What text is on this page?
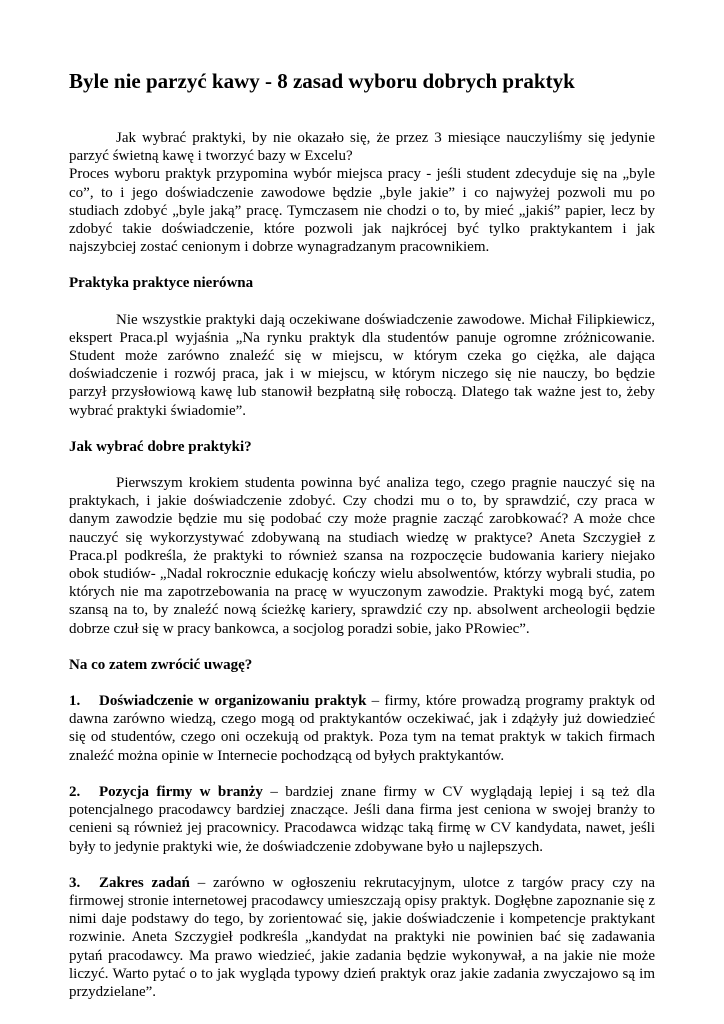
Byle nie parzyć kawy - 8 zasad wyboru dobrych praktyk

Jak wybrać praktyki, by nie okazało się, że przez 3 miesiące nauczyliśmy się jedynie parzyć świetną kawę i tworzyć bazy w Excelu?

Proces wyboru praktyk przypomina wybór miejsca pracy - jeśli student zdecyduje się na „byle co”, to i jego doświadczenie zawodowe będzie „byle jakie” i co najwyżej pozwoli mu po studiach zdobyć „byle jaką” pracę. Tymczasem nie chodzi o to, by mieć „jakiś” papier, lecz by zdobyć takie doświadczenie, które pozwoli jak najkrócej być tylko praktykantem i jak najszybciej zostać cenionym i dobrze wynagradzanym pracownikiem.

Praktyka praktyce nierówna

Nie wszystkie praktyki dają oczekiwane doświadczenie zawodowe. Michał Filipkiewicz, ekspert Praca.pl wyjaśnia „Na rynku praktyk dla studentów panuje ogromne zróżnicowanie. Student może zarówno znaleźć się w miejscu, w którym czeka go ciężka, ale dająca doświadczenie i rozwój praca, jak i w miejscu, w którym niczego się nie nauczy, bo będzie parzył przysłowiową kawę lub stanowił bezpłatną siłę roboczą. Dlatego tak ważne jest to, żeby wybrać praktyki świadomie”.

Jak wybrać dobre praktyki?

Pierwszym krokiem studenta powinna być analiza tego, czego pragnie nauczyć się na praktykach, i jakie doświadczenie zdobyć. Czy chodzi mu o to, by sprawdzić, czy praca w danym zawodzie będzie mu się podobać czy może pragnie zacząć zarobkować? A może chce nauczyć się wykorzystywać zdobywaną na studiach wiedzę w praktyce? Aneta Szczygieł z Praca.pl podkreśla, że praktyki to również szansa na rozpoczęcie budowania kariery niejako obok studiów- „Nadal rokrocznie edukację kończy wielu absolwentów, którzy wybrali studia, po których nie ma zapotrzebowania na pracę w wyuczonym zawodzie. Praktyki mogą być, zatem szansą na to, by znaleźć nową ścieżkę kariery, sprawdzić czy np. absolwent archeologii będzie dobrze czuł się w pracy bankowca, a socjolog poradzi sobie, jako PRowiec”.

Na co zatem zwrócić uwagę?

1. Doświadczenie w organizowaniu praktyk – firmy, które prowadzą programy praktyk od dawna zarówno wiedzą, czego mogą od praktykantów oczekiwać, jak i zdążyły już dowiedzieć się od studentów, czego oni oczekują od praktyk. Poza tym na temat praktyk w takich firmach znaleźć można opinie w Internecie pochodzącą od byłych praktykantów.

2. Pozycja firmy w branży – bardziej znane firmy w CV wyglądają lepiej i są też dla potencjalnego pracodawcy bardziej znaczące. Jeśli dana firma jest ceniona w swojej branży to cenieni są również jej pracownicy. Pracodawca widząc taką firmę w CV kandydata, nawet, jeśli były to jedynie praktyki wie, że doświadczenie zdobywane było u najlepszych.

3. Zakres zadań – zarówno w ogłoszeniu rekrutacyjnym, ulotce z targów pracy czy na firmowej stronie internetowej pracodawcy umieszczają opisy praktyk. Dogłębne zapoznanie się z nimi daje podstawy do tego, by zorientować się, jakie doświadczenie i kompetencje praktykant rozwinie. Aneta Szczygieł podkreśla „kandydat na praktyki nie powinien bać się zadawania pytań pracodawcy. Ma prawo wiedzieć, jakie zadania będzie wykonywał, a na jakie nie może liczyć. Warto pytać o to jak wygląda typowy dzień praktyk oraz jakie zadania zwyczajowo są im przydzielane”.
